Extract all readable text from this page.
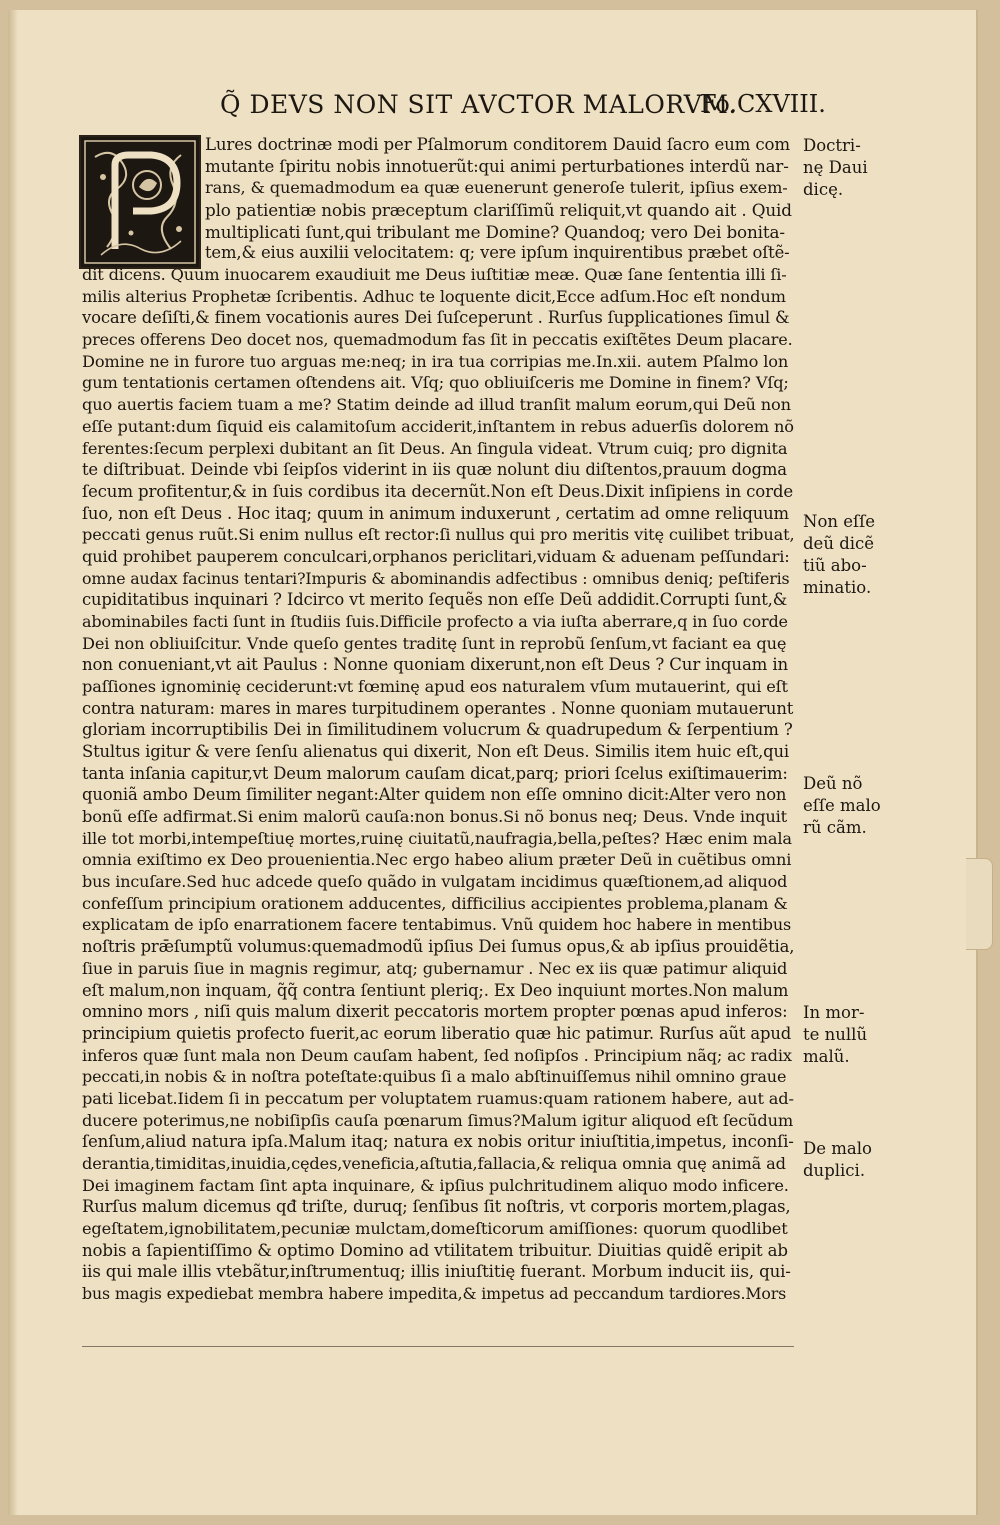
Q̃ DEVS NON SIT AVCTOR MALORVM.
Fo.CXVIII.
Lures doctrinæ modi per Pſalmorum conditorem Dauid ſacro eum com
mutante ſpiritu nobis innotuerũt:qui animi perturbationes interdũ nar-
rans, & quemadmodum ea quæ euenerunt generoſe tulerit, ipſius exem-
plo patientiæ nobis præceptum clariſſimũ reliquit,vt quando ait . Quid
multiplicati ſunt,qui tribulant me Domine? Quandoq; vero Dei bonita-
tem,& eius auxilii velocitatem: q; vere ipſum inquirentibus præbet oſtẽ-
dit dicens. Quum inuocarem exaudiuit me Deus iuſtitiæ meæ. Quæ ſane ſententia illi ſi-
milis alterius Prophetæ ſcribentis. Adhuc te loquente dicit,Ecce adſum.Hoc eſt nondum
vocare deſiſti,& finem vocationis aures Dei ſuſceperunt . Rurſus ſupplicationes ſimul &
preces offerens Deo docet nos, quemadmodum fas ſit in peccatis exiſtẽtes Deum placare.
Domine ne in furore tuo arguas me:neq; in ira tua corripias me.In.xii. autem Pſalmo lon
gum tentationis certamen oſtendens ait. Vſq; quo obliuiſceris me Domine in finem? Vſq;
quo auertis faciem tuam a me? Statim deinde ad illud tranſit malum eorum,qui Deũ non
eſſe putant:dum ſiquid eis calamitoſum acciderit,inſtantem in rebus aduerſis dolorem nõ
ferentes:ſecum perplexi dubitant an ſit Deus. An ſingula videat. Vtrum cuiq; pro dignita
te diſtribuat. Deinde vbi ſeipſos viderint in iis quæ nolunt diu diſtentos,prauum dogma
ſecum profitentur,& in ſuis cordibus ita decernũt.Non eſt Deus.Dixit inſipiens in corde
ſuo, non eſt Deus . Hoc itaq; quum in animum induxerunt , certatim ad omne reliquum
peccati genus ruũt.Si enim nullus eſt rector:ſi nullus qui pro meritis vitę cuilibet tribuat,
quid prohibet pauperem conculcari,orphanos periclitari,viduam & aduenam peſſundari:
omne audax facinus tentari?Impuris & abominandis adfectibus : omnibus deniq; peſtiferis
cupiditatibus inquinari ? Idcirco vt merito ſequẽs non eſſe Deũ addidit.Corrupti ſunt,&
abominabiles facti ſunt in ſtudiis ſuis.Difficile profecto a via iuſta aberrare,q in ſuo corde
Dei non obliuiſcitur. Vnde queſo gentes traditę ſunt in reprobũ ſenſum,vt faciant ea quę
non conueniant,vt ait Paulus : Nonne quoniam dixerunt,non eſt Deus ? Cur inquam in
paſſiones ignominię ceciderunt:vt fœminę apud eos naturalem vſum mutauerint, qui eſt
contra naturam: mares in mares turpitudinem operantes . Nonne quoniam mutauerunt
gloriam incorruptibilis Dei in ſimilitudinem volucrum & quadrupedum & ſerpentium ?
Stultus igitur & vere ſenſu alienatus qui dixerit, Non eſt Deus. Similis item huic eſt,qui
tanta inſania capitur,vt Deum malorum cauſam dicat,parq; priori ſcelus exiſtimauerim:
quoniã ambo Deum ſimiliter negant:Alter quidem non eſſe omnino dicit:Alter vero non
bonũ eſſe adfirmat.Si enim malorũ cauſa:non bonus.Si nõ bonus neq; Deus. Vnde inquit
ille tot morbi,intempeſtiuę mortes,ruinę ciuitatũ,naufragia,bella,peſtes? Hæc enim mala
omnia exiſtimo ex Deo prouenientia.Nec ergo habeo alium præter Deũ in cuẽtibus omni
bus incuſare.Sed huc adcede queſo quãdo in vulgatam incidimus quæſtionem,ad aliquod
confeſſum principium orationem adducentes, difficilius accipientes problema,planam &
explicatam de ipſo enarrationem facere tentabimus. Vnũ quidem hoc habere in mentibus
noſtris prǣſumptũ volumus:quemadmodũ ipſius Dei ſumus opus,& ab ipſius prouidẽtia,
ſiue in paruis ſiue in magnis regimur, atq; gubernamur . Nec ex iis quæ patimur aliquid
eſt malum,non inquam, q̃q̃ contra ſentiunt pleriq;. Ex Deo inquiunt mortes.Non malum
omnino mors , niſi quis malum dixerit peccatoris mortem propter pœnas apud inferos:
principium quietis profecto fuerit,ac eorum liberatio quæ hic patimur. Rurſus aũt apud
inferos quæ ſunt mala non Deum cauſam habent, ſed noſipſos . Principium nãq; ac radix
peccati,in nobis & in noſtra poteſtate:quibus ſi a malo abſtinuiſſemus nihil omnino graue
pati licebat.Iidem ſi in peccatum per voluptatem ruamus:quam rationem habere, aut ad-
ducere poterimus,ne nobiſipſis cauſa pœnarum ſimus?Malum igitur aliquod eſt ſecũdum
ſenſum,aliud natura ipſa.Malum itaq; natura ex nobis oritur iniuſtitia,impetus, inconſi-
derantia,timiditas,inuidia,cędes,veneficia,aſtutia,fallacia,& reliqua omnia quę animã ad
Dei imaginem factam ſint apta inquinare, & ipſius pulchritudinem aliquo modo inficere.
Rurſus malum dicemus qđ triſte, duruq; ſenſibus ſit noſtris, vt corporis mortem,plagas,
egeſtatem,ignobilitatem,pecuniæ mulctam,domeſticorum amiſſiones: quorum quodlibet
nobis a ſapientiſſimo & optimo Domino ad vtilitatem tribuitur. Diuitias quidẽ eripit ab
iis qui male illis vtebãtur,inſtrumentuq; illis iniuſtitię fuerant. Morbum inducit iis, qui-
bus magis expediebat membra habere impedita,& impetus ad peccandum tardiores.Mors
Doctri-
nę Daui
dicę.
Non eſſe
deũ dicẽ
tiũ abo-
minatio.
Deũ nõ
eſſe malo
rũ cãm.
In mor-
te nullũ
malũ.
De malo
duplici.
